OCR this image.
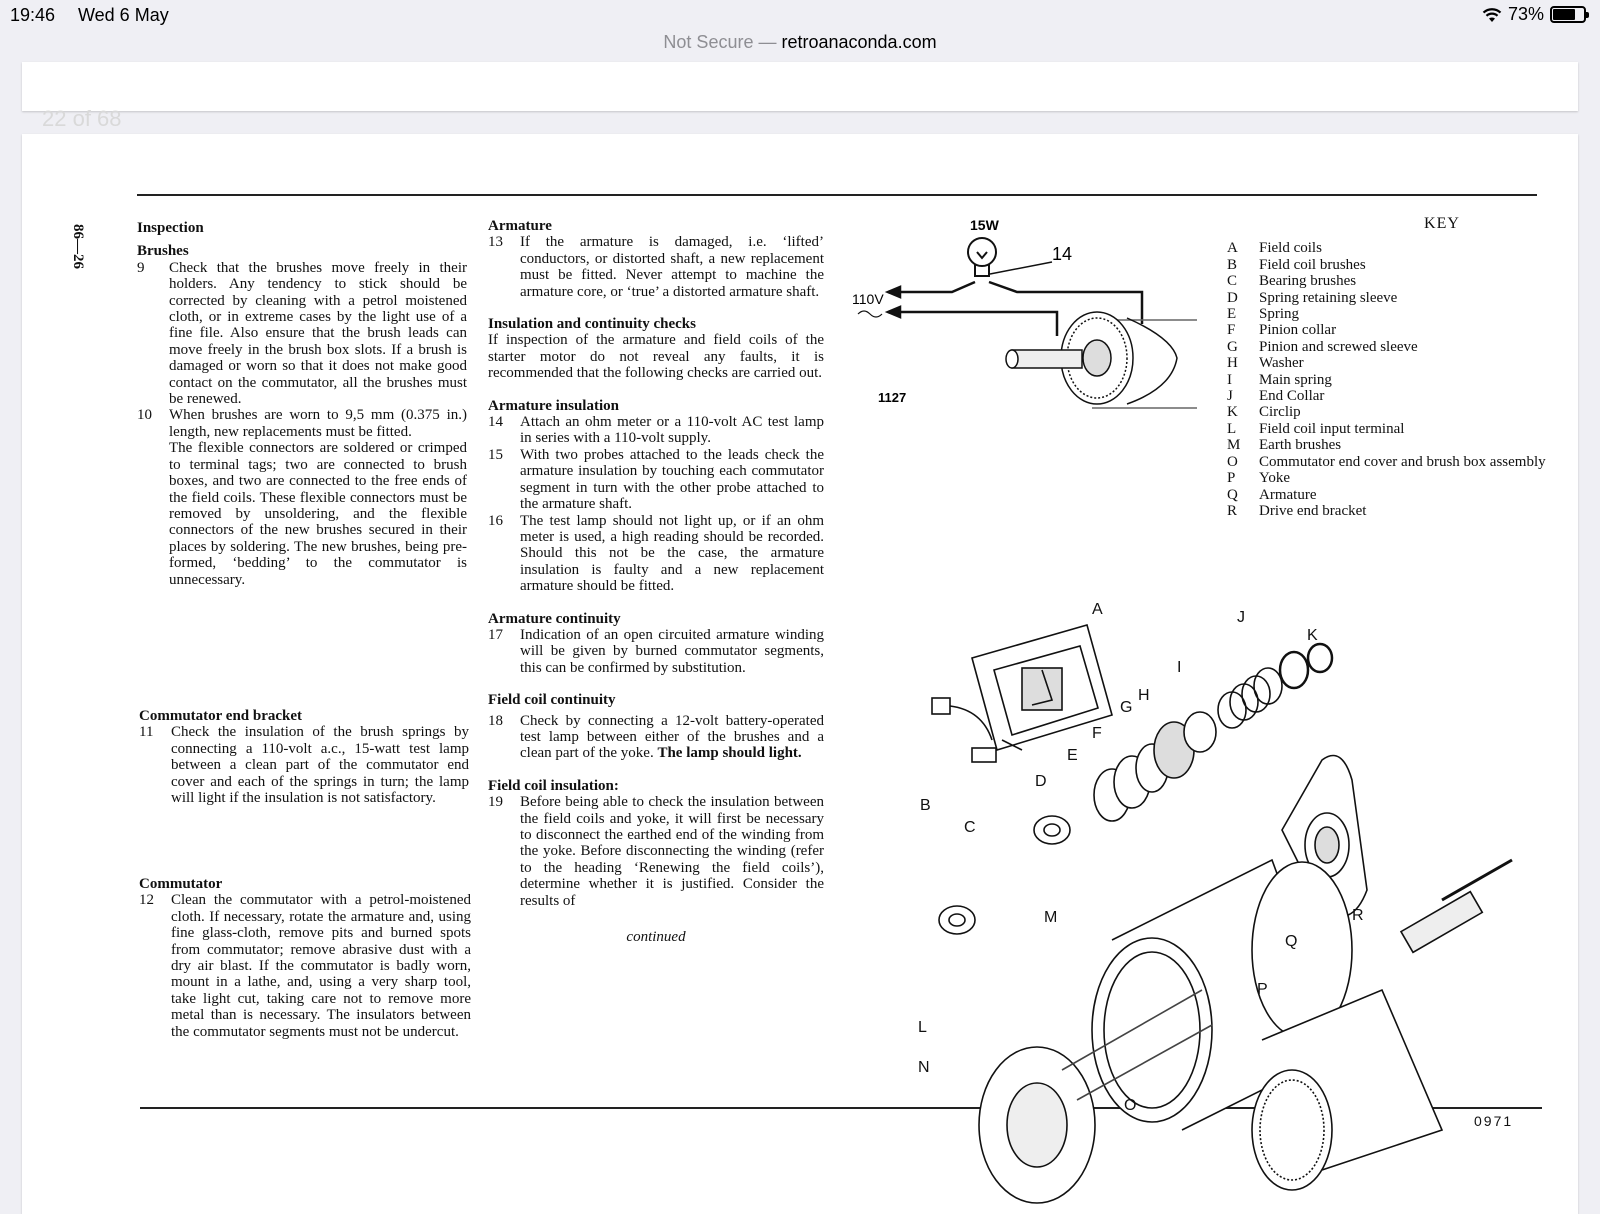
19:46 Wed 6 May	73%
Not Secure — retroanaconda.com
22 of 68
86—26	Inspection
Brushes
9	Check that the brushes move freely in their holders. Any tendency to stick should be corrected by cleaning with a petrol moistened cloth, or in extreme cases by the light use of a fine file. Also ensure that the brush leads can move freely in the brush box slots. If a brush is damaged or worn so that it does not make good contact on the commutator, all the brushes must be renewed.
10	When brushes are worn to 9,5 mm (0.375 in.) length, new replacements must be fitted.
The flexible connectors are soldered or crimped to terminal tags; two are connected to brush boxes, and two are connected to the free ends of the field coils. These flexible connectors must be removed by unsoldering, and the flexible connectors of the new brushes secured in their places by soldering. The new brushes, being pre-formed, ‘bedding’ to the commutator is unnecessary.
Commutator end bracket
11	Check the insulation of the brush springs by connecting a 110-volt a.c., 15-watt test lamp between a clean part of the commutator end cover and each of the springs in turn; the lamp will light if the insulation is not satisfactory.
Commutator
12	Clean the commutator with a petrol-moistened cloth. If necessary, rotate the armature and, using fine glass-cloth, remove pits and burned spots from commutator; remove abrasive dust with a dry air blast. If the commutator is badly worn, mount in a lathe, and, using a very sharp tool, take light cut, taking care not to remove more metal than is necessary. The insulators between the commutator segments must not be undercut.
Armature
13	If the armature is damaged, i.e. ‘lifted’ conductors, or distorted shaft, a new replacement must be fitted. Never attempt to machine the armature core, or ‘true’ a distorted armature shaft.
Insulation and continuity checks

If inspection of the armature and field coils of the starter motor do not reveal any faults, it is recommended that the following checks are carried out.

Armature insulation
14	Attach an ohm meter or a 110-volt AC test lamp in series with a 110-volt supply.
15	With two probes attached to the leads check the armature insulation by touching each commutator segment in turn with the other probe attached to the armature shaft.
16	The test lamp should not light up, or if an ohm meter is used, a high reading should be recorded. Should this not be the case, the armature insulation is faulty and a new replacement armature should be fitted.
Armature continuity
17	Indication of an open circuited armature winding will be given by burned commutator segments, this can be confirmed by substitution.
Field coil continuity
18	Check by connecting a 12-volt battery-operated test lamp between either of the brushes and a clean part of the yoke. The lamp should light.
Field coil insulation:
19	Before being able to check the insulation between the field coils and yoke, it will first be necessary to disconnect the earthed end of the winding from the yoke. Before disconnecting the winding (refer to the heading ‘Renewing the field coils’), determine whether it is justified. Consider the results of

continued

KEY
A	Field coils
B	Field coil brushes
C	Bearing brushes
D	Spring retaining sleeve
E	Spring
F	Pinion collar
G	Pinion and screwed sleeve
H	Washer
I	Main spring
J	End Collar
K	Circlip
L	Field coil input terminal
M	Earth brushes
O	Commutator end cover and brush box assembly
P	Yoke
Q	Armature
R	Drive end bracket
15W
14
110V
1127
A
B
C
D
E
F
G
H
I
J
K
L
M
N
O
P
Q
R
0971
